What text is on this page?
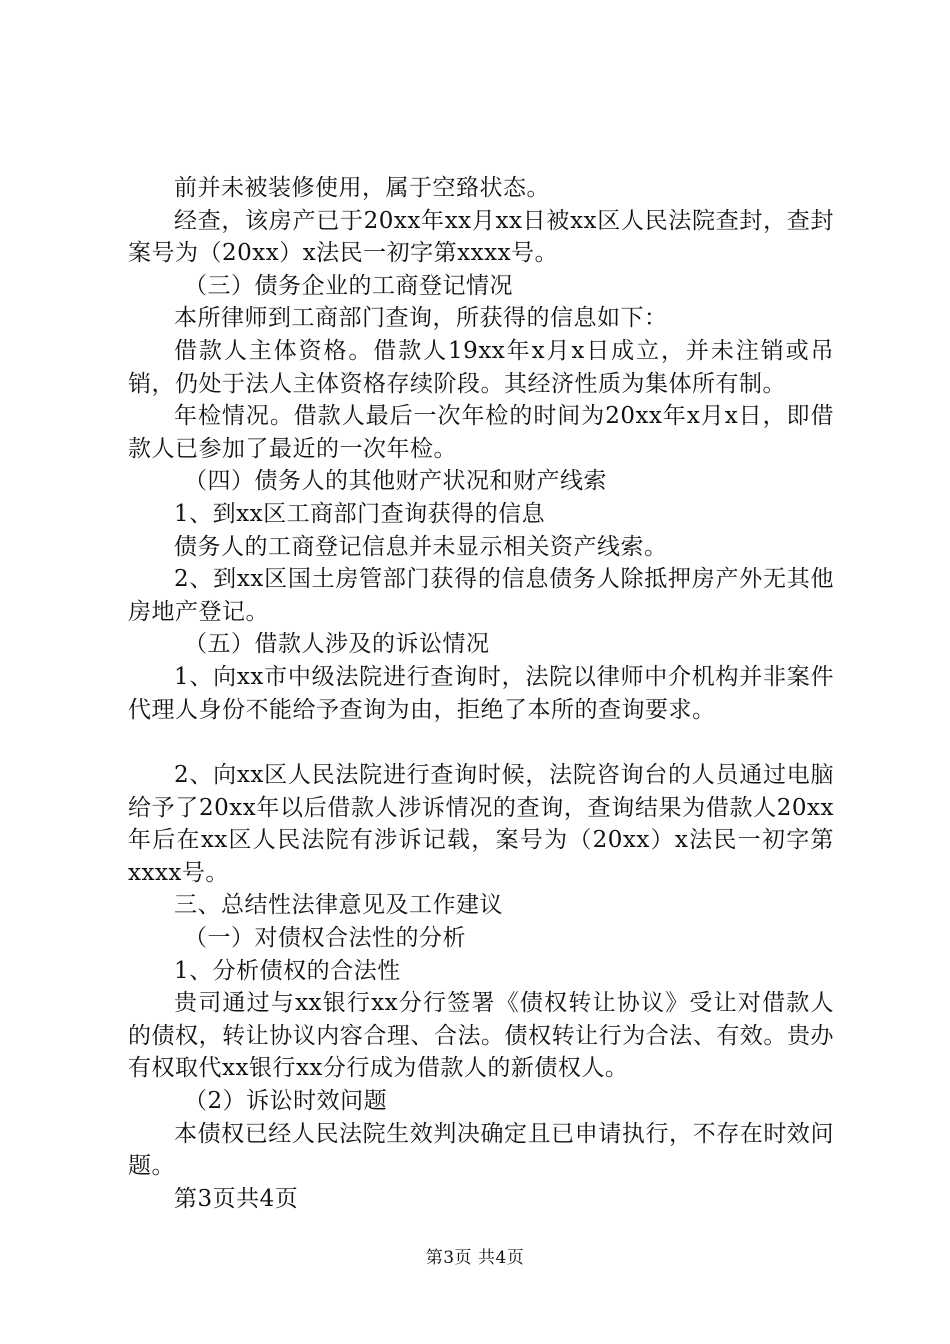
前并未被装修使用，属于空臵状态。

经查，该房产已于20xx年xx月xx日被xx区人民法院查封，查封案号为（20xx）x法民一初字第xxxx号。

（三）债务企业的工商登记情况

本所律师到工商部门查询，所获得的信息如下：

借款人主体资格。借款人19xx年x月x日成立，并未注销或吊销，仍处于法人主体资格存续阶段。其经济性质为集体所有制。

年检情况。借款人最后一次年检的时间为20xx年x月x日，即借款人已参加了最近的一次年检。

（四）债务人的其他财产状况和财产线索

1、到xx区工商部门查询获得的信息

债务人的工商登记信息并未显示相关资产线索。

2、到xx区国土房管部门获得的信息债务人除抵押房产外无其他房地产登记。

（五）借款人涉及的诉讼情况

1、向xx市中级法院进行查询时，法院以律师中介机构并非案件代理人身份不能给予查询为由，拒绝了本所的查询要求。

2、向xx区人民法院进行查询时候，法院咨询台的人员通过电脑给予了20xx年以后借款人涉诉情况的查询，查询结果为借款人20xx年后在xx区人民法院有涉诉记载，案号为（20xx）x法民一初字第xxxx号。

三、总结性法律意见及工作建议

（一）对债权合法性的分析

1、分析债权的合法性

贵司通过与xx银行xx分行签署《债权转让协议》受让对借款人的债权，转让协议内容合理、合法。债权转让行为合法、有效。贵办有权取代xx银行xx分行成为借款人的新债权人。

（2）诉讼时效问题

本债权已经人民法院生效判决确定且已申请执行，不存在时效问题。

第3页共4页

第3页 共4页
